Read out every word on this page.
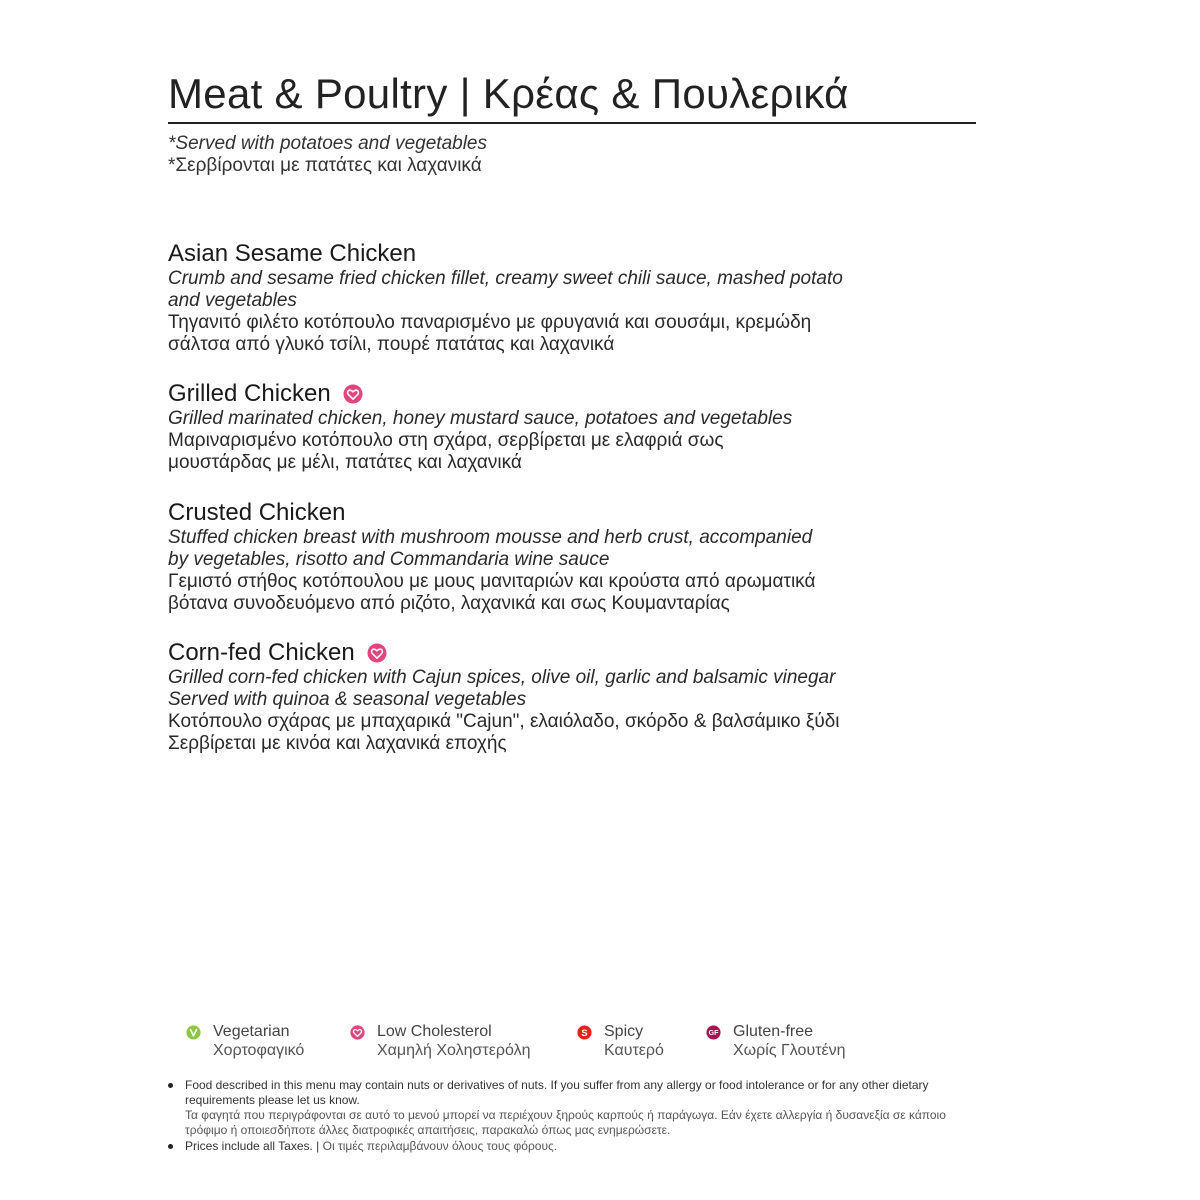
Meat & Poultry | Κρέας & Πουλερικά
*Served with potatoes and vegetables
*Σερβίρονται με πατάτες και λαχανικά
Asian Sesame Chicken
Crumb and sesame fried chicken fillet, creamy sweet chili sauce, mashed potato
and vegetables
Τηγανιτό φιλέτο κοτόπουλο παναρισμένο με φρυγανιά και σουσάμι, κρεμώδη
σάλτσα από γλυκό τσίλι, πουρέ πατάτας και λαχανικά
Grilled Chicken
Grilled marinated chicken, honey mustard sauce, potatoes and vegetables
Μαριναρισμένο κοτόπουλο στη σχάρα, σερβίρεται με ελαφριά σως
μουστάρδας με μέλι, πατάτες και λαχανικά
Crusted Chicken
Stuffed chicken breast with mushroom mousse and herb crust, accompanied
by vegetables, risotto and Commandaria wine sauce
Γεμιστό στήθος κοτόπουλου με μους μανιταριών και κρούστα από αρωματικά
βότανα συνοδευόμενο από ριζότο, λαχανικά και σως Κουμανταρίας
Corn-fed Chicken
Grilled corn-fed chicken with Cajun spices, olive oil, garlic and balsamic vinegar
Served with quinoa & seasonal vegetables
Κοτόπουλο σχάρας με μπαχαρικά "Cajun", ελαιόλαδο, σκόρδο & βαλσάμικο ξύδι
Σερβίρεται με κινόα και λαχανικά εποχής
Vegetarian
Χορτοφαγικό
Low Cholesterol
Χαμηλή Χοληστερόλη
S Spicy
Καυτερό
GF Gluten-free
Χωρίς Γλουτένη
Food described in this menu may contain nuts or derivatives of nuts. If you suffer from any allergy or food intolerance or for any other dietary requirements please let us know.
Τα φαγητά που περιγράφονται σε αυτό το μενού μπορεί να περιέχουν ξηρούς καρπούς ή παράγωγα. Εάν έχετε αλλεργία ή δυσανεξία σε κάποιο τρόφιμο ή οποιεσδήποτε άλλες διατροφικές απαιτήσεις, παρακαλώ όπως μας ενημερώσετε.
Prices include all Taxes. | Οι τιμές περιλαμβάνουν όλους τους φόρους.
